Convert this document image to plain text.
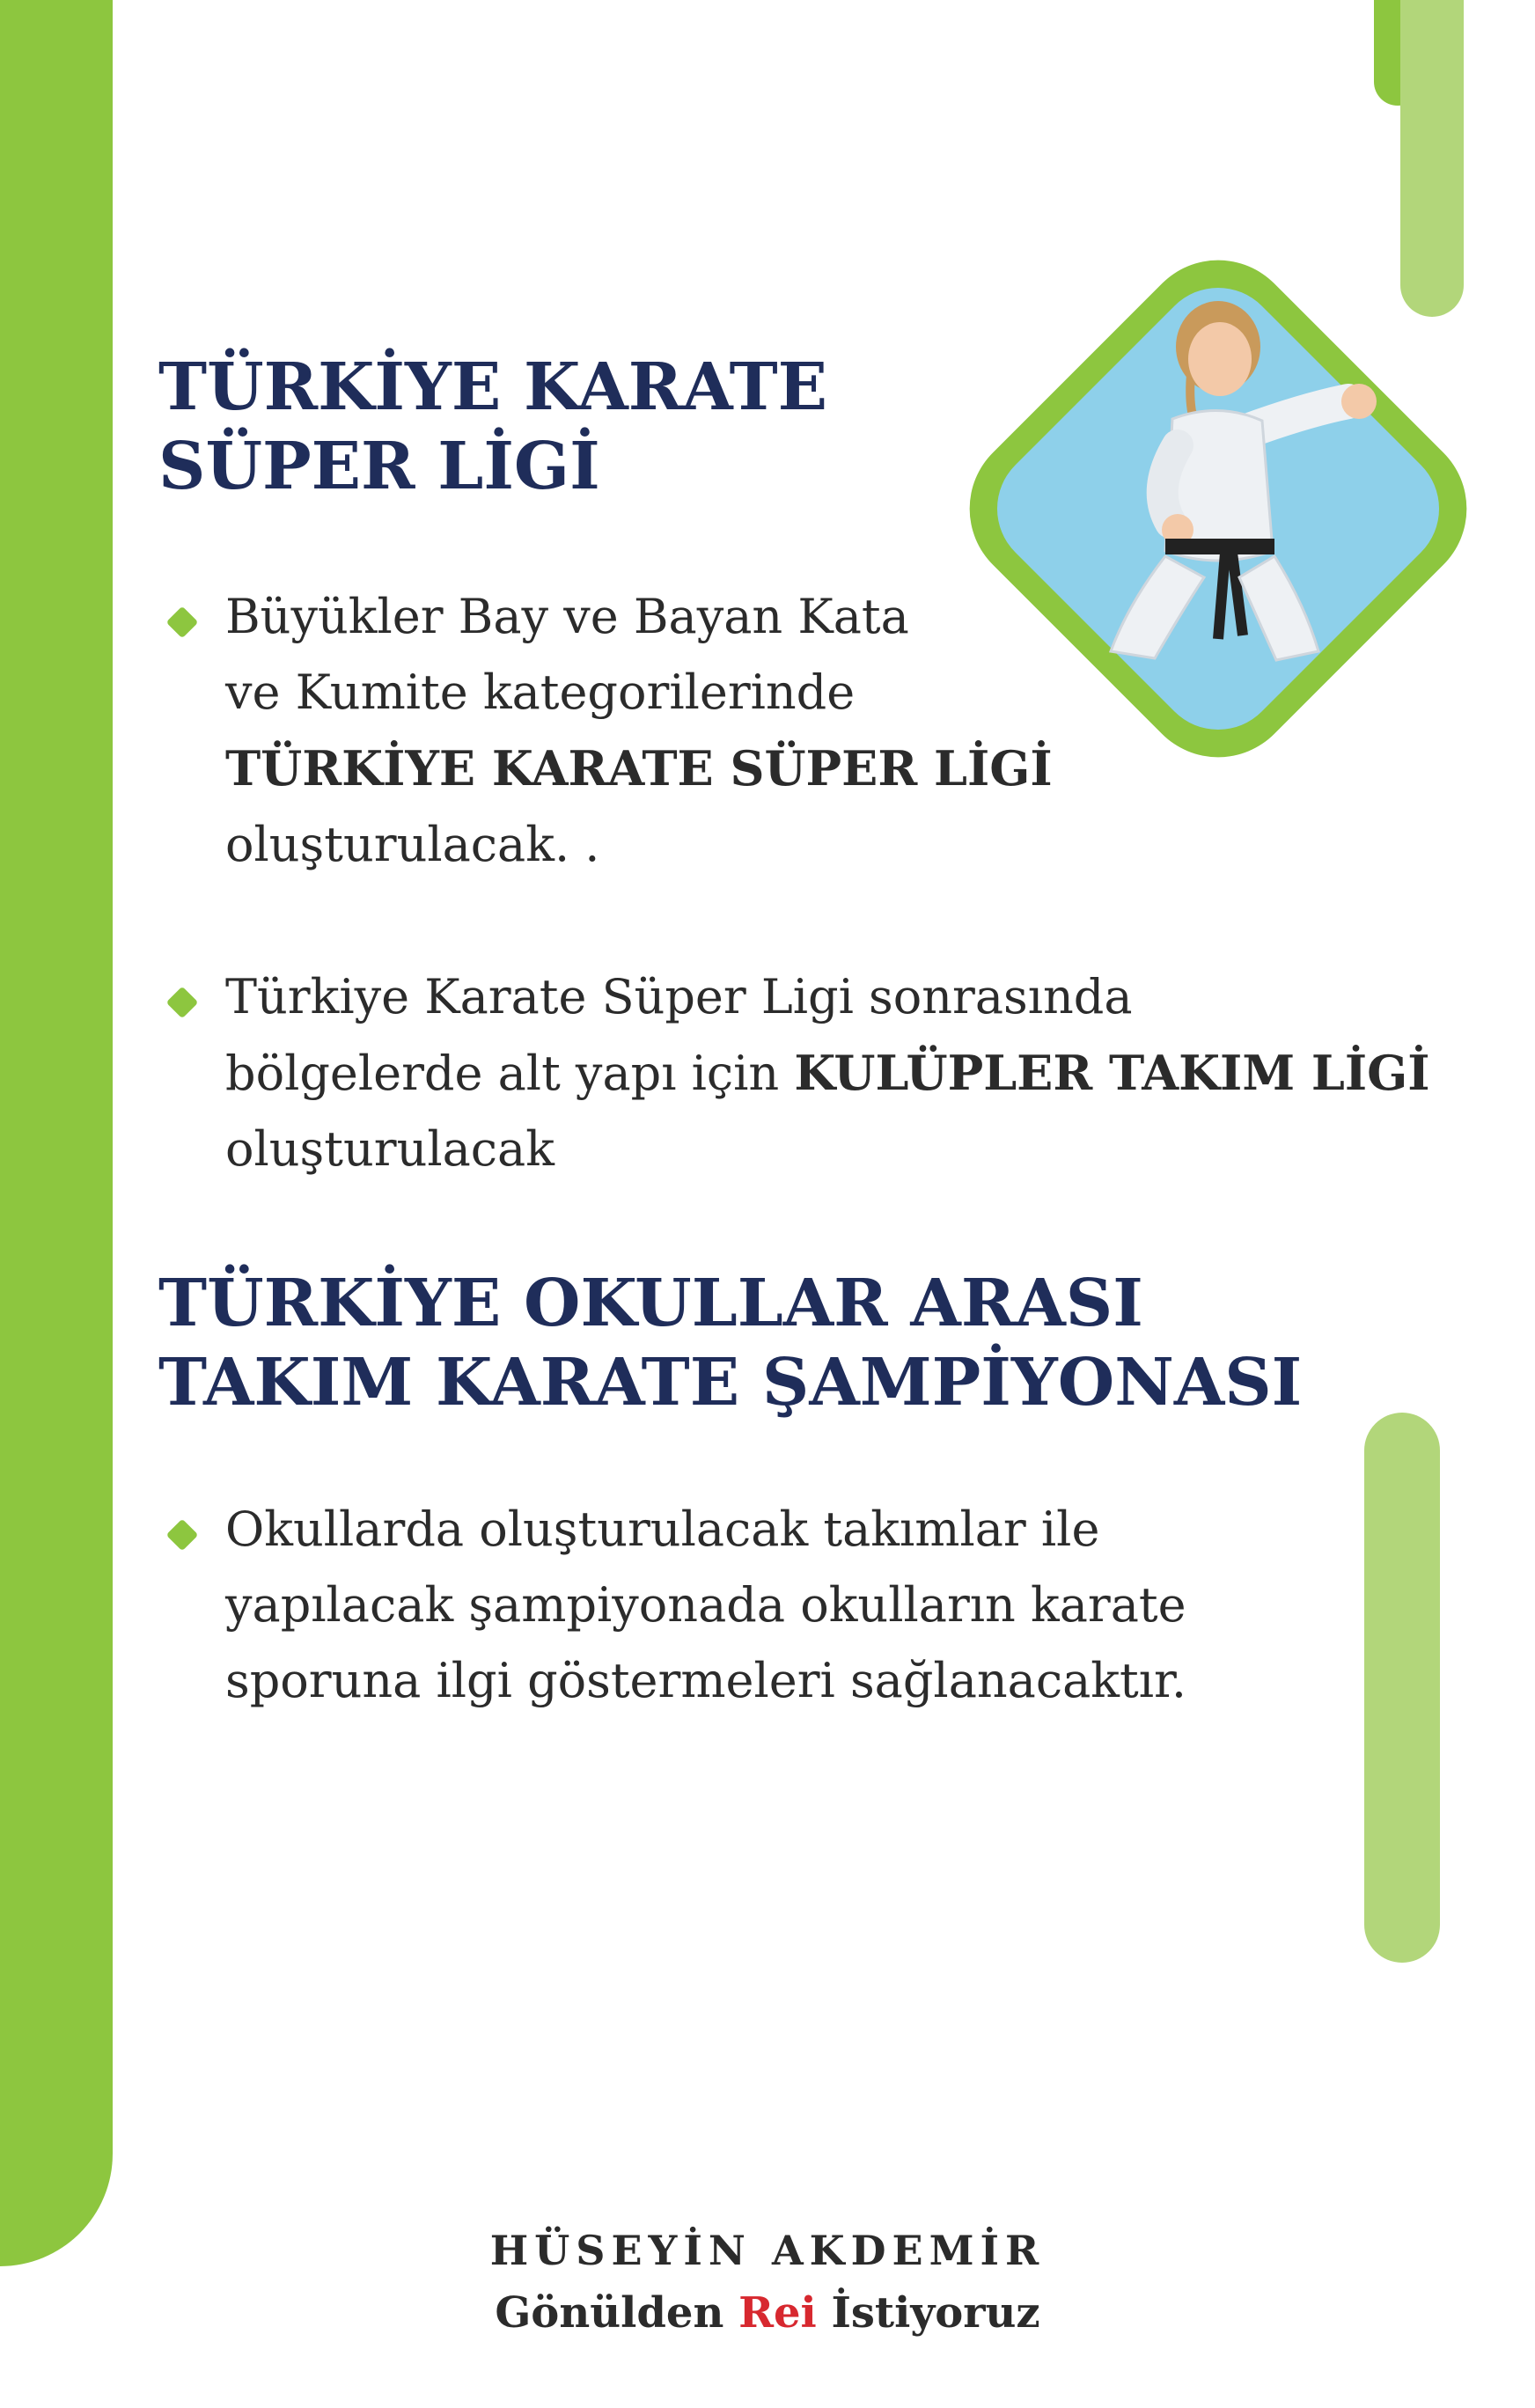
TÜRKİYE KARATE
SÜPER LİGİ
Büyükler Bay ve Bayan Kata
ve Kumite kategorilerinde
TÜRKİYE KARATE SÜPER LİGİ
oluşturulacak. .
Türkiye Karate Süper Ligi sonrasında
bölgelerde alt yapı için KULÜPLER TAKIM LİGİ
oluşturulacak
TÜRKİYE OKULLAR ARASI
TAKIM KARATE ŞAMPİYONASI
Okullarda oluşturulacak takımlar ile
yapılacak şampiyonada okulların karate
sporuna ilgi göstermeleri sağlanacaktır.
HÜSEYİN AKDEMİR
Gönülden Rei İstiyoruz
